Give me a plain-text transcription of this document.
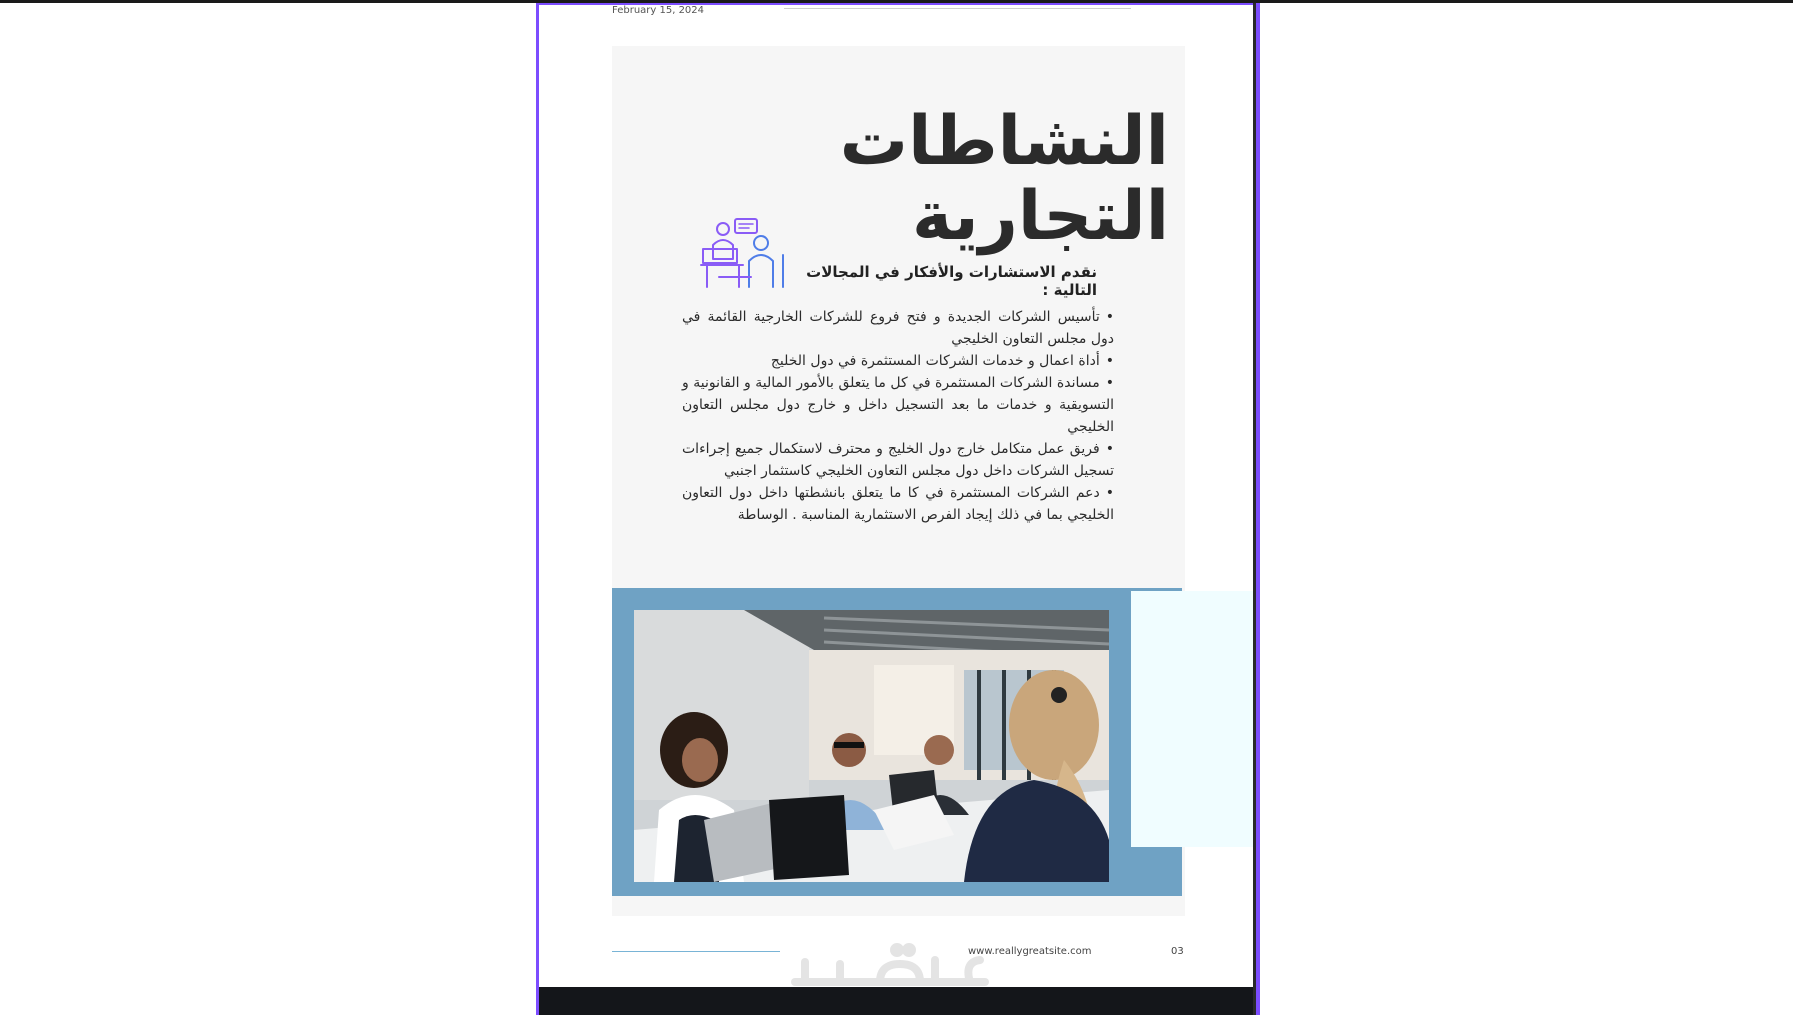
February 15, 2024
النشاطات التجارية
نقدم الاستشارات والأفكار في المجالات التالية :
•تأسيس الشركات الجديدة و فتح فروع للشركات الخارجية القائمة في دول مجلس التعاون الخليجي
•أداة اعمال و خدمات الشركات المستثمرة في دول الخليج
•مساندة الشركات المستثمرة في كل ما يتعلق بالأمور المالية و القانونية و التسويقية و خدمات ما بعد التسجيل داخل و خارج دول مجلس التعاون الخليجي
•فريق عمل متكامل خارج دول الخليج و محترف لاستكمال جميع إجراءات تسجيل الشركات داخل دول مجلس التعاون الخليجي كاستثمار اجنبي
•دعم الشركات المستثمرة في كا ما يتعلق بانشطتها داخل دول التعاون الخليجي بما في ذلك إيجاد الفرص الاستثمارية المناسبة . الوساطة
www.reallygreatsite.com	03
